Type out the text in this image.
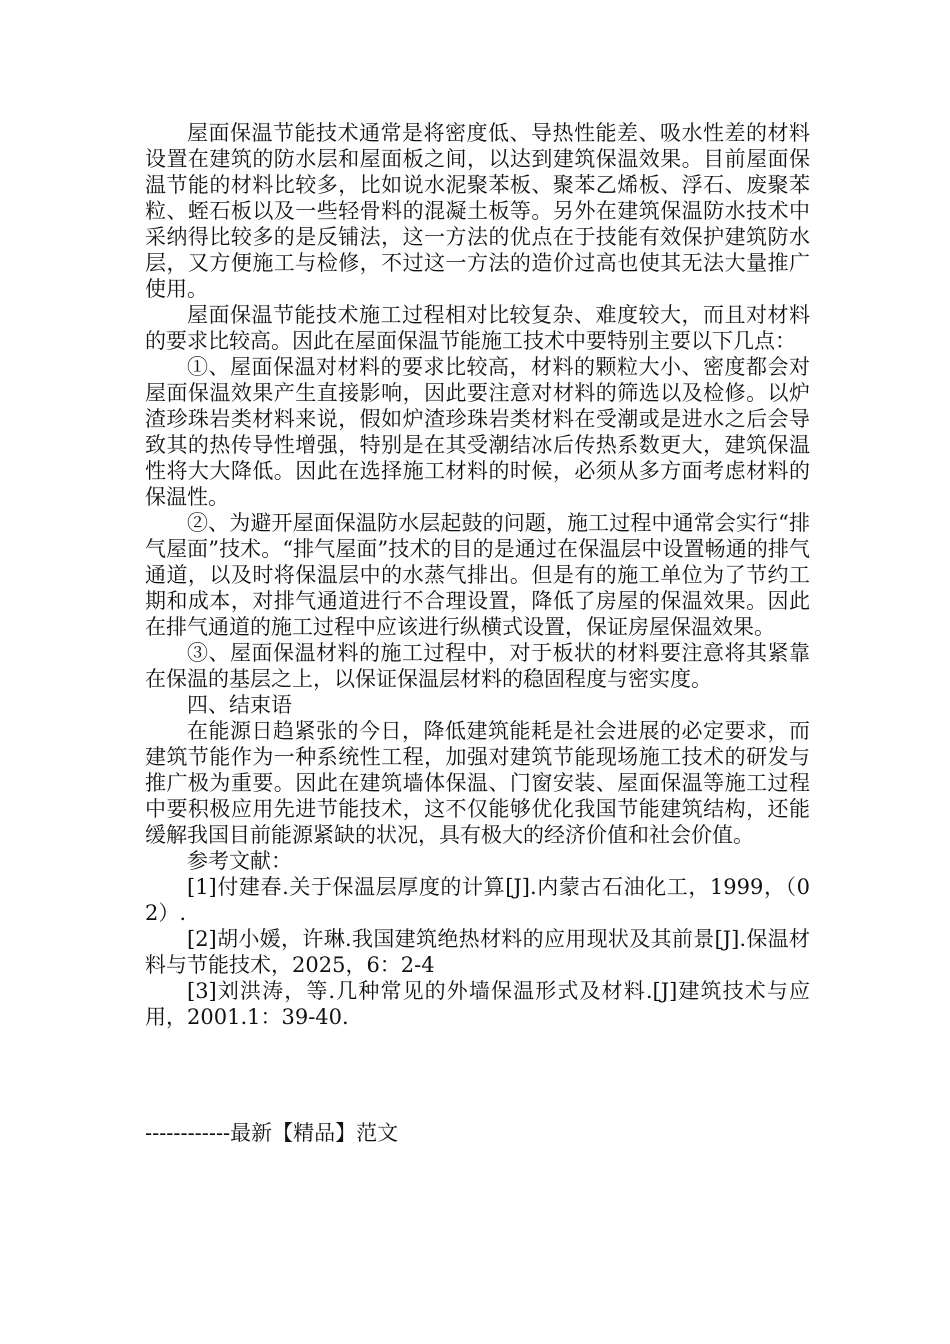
屋面保温节能技术通常是将密度低、导热性能差、吸水性差的材料设置在建筑的防水层和屋面板之间，以达到建筑保温效果。目前屋面保温节能的材料比较多，比如说水泥聚苯板、聚苯乙烯板、浮石、废聚苯粒、蛭石板以及一些轻骨料的混凝土板等。另外在建筑保温防水技术中采纳得比较多的是反铺法，这一方法的优点在于技能有效保护建筑防水层，又方便施工与检修，不过这一方法的造价过高也使其无法大量推广使用。

屋面保温节能技术施工过程相对比较复杂、难度较大，而且对材料的要求比较高。因此在屋面保温节能施工技术中要特别主要以下几点：

①、屋面保温对材料的要求比较高，材料的颗粒大小、密度都会对屋面保温效果产生直接影响，因此要注意对材料的筛选以及检修。以炉渣珍珠岩类材料来说，假如炉渣珍珠岩类材料在受潮或是进水之后会导致其的热传导性增强，特别是在其受潮结冰后传热系数更大，建筑保温性将大大降低。因此在选择施工材料的时候，必须从多方面考虑材料的保温性。

②、为避开屋面保温防水层起鼓的问题，施工过程中通常会实行“排气屋面”技术。“排气屋面”技术的目的是通过在保温层中设置畅通的排气通道，以及时将保温层中的水蒸气排出。但是有的施工单位为了节约工期和成本，对排气通道进行不合理设置，降低了房屋的保温效果。因此在排气通道的施工过程中应该进行纵横式设置，保证房屋保温效果。

③、屋面保温材料的施工过程中，对于板状的材料要注意将其紧靠在保温的基层之上，以保证保温层材料的稳固程度与密实度。

四、结束语

在能源日趋紧张的今日，降低建筑能耗是社会进展的必定要求，而建筑节能作为一种系统性工程，加强对建筑节能现场施工技术的研发与推广极为重要。因此在建筑墙体保温、门窗安装、屋面保温等施工过程中要积极应用先进节能技术，这不仅能够优化我国节能建筑结构，还能缓解我国目前能源紧缺的状况，具有极大的经济价值和社会价值。

参考文献：

[1]付建春.关于保温层厚度的计算[J].内蒙古石油化工，1999，（02）.

[2]胡小媛，许琳.我国建筑绝热材料的应用现状及其前景[J].保温材料与节能技术，2025，6：2-4

[3]刘洪涛，等.几种常见的外墙保温形式及材料.[J]建筑技术与应用，2001.1：39-40.

------------最新【精品】范文
